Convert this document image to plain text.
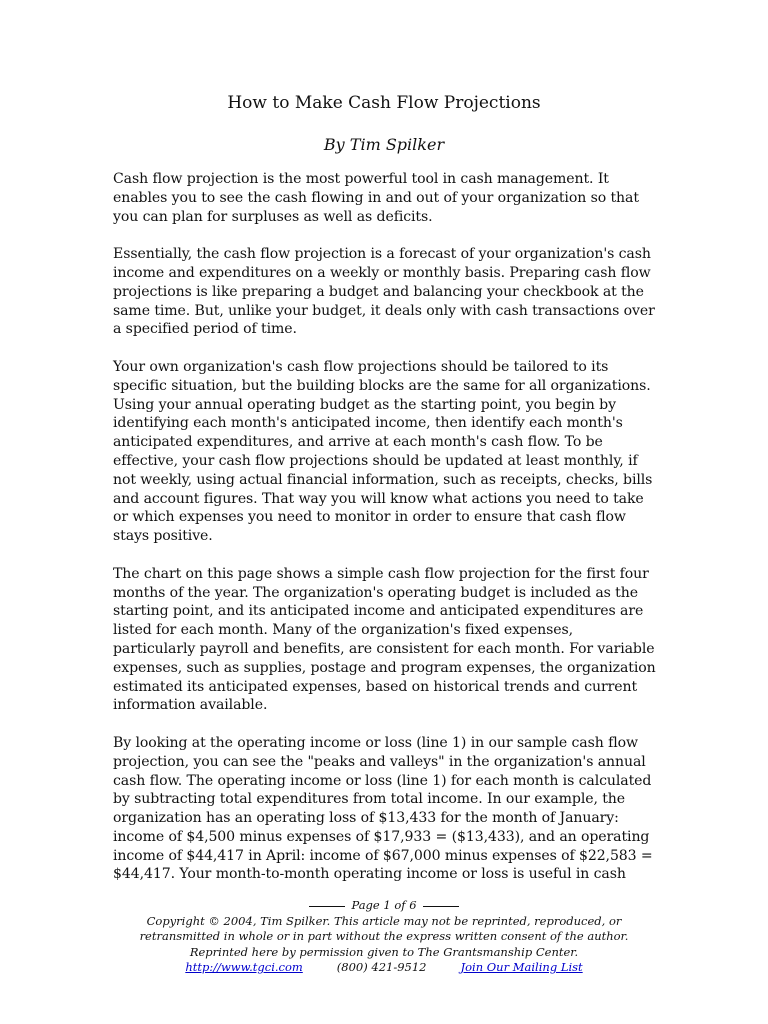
How to Make Cash Flow Projections

By Tim Spilker

Cash flow projection is the most powerful tool in cash management. It enables you to see the cash flowing in and out of your organization so that you can plan for surpluses as well as deficits.

Essentially, the cash flow projection is a forecast of your organization's cash income and expenditures on a weekly or monthly basis. Preparing cash flow projections is like preparing a budget and balancing your checkbook at the same time. But, unlike your budget, it deals only with cash transactions over a specified period of time.

Your own organization's cash flow projections should be tailored to its specific situation, but the building blocks are the same for all organizations. Using your annual operating budget as the starting point, you begin by identifying each month's anticipated income, then identify each month's anticipated expenditures, and arrive at each month's cash flow. To be effective, your cash flow projections should be updated at least monthly, if not weekly, using actual financial information, such as receipts, checks, bills and account figures. That way you will know what actions you need to take or which expenses you need to monitor in order to ensure that cash flow stays positive.

The chart on this page shows a simple cash flow projection for the first four months of the year. The organization's operating budget is included as the starting point, and its anticipated income and anticipated expenditures are listed for each month. Many of the organization's fixed expenses, particularly payroll and benefits, are consistent for each month. For variable expenses, such as supplies, postage and program expenses, the organization estimated its anticipated expenses, based on historical trends and current information available.

By looking at the operating income or loss (line 1) in our sample cash flow projection, you can see the "peaks and valleys" in the organization's annual cash flow. The operating income or loss (line 1) for each month is calculated by subtracting total expenditures from total income. In our example, the organization has an operating loss of $13,433 for the month of January: income of $4,500 minus expenses of $17,933 = ($13,433), and an operating income of $44,417 in April: income of $67,000 minus expenses of $22,583 = $44,417. Your month-to-month operating income or loss is useful in cash

Page 1 of 6
Copyright © 2004, Tim Spilker. This article may not be reprinted, reproduced, or
retransmitted in whole or in part without the express written consent of the author.
Reprinted here by permission given to The Grantsmanship Center.
http://www.tgci.com	(800) 421-9512	Join Our Mailing List
